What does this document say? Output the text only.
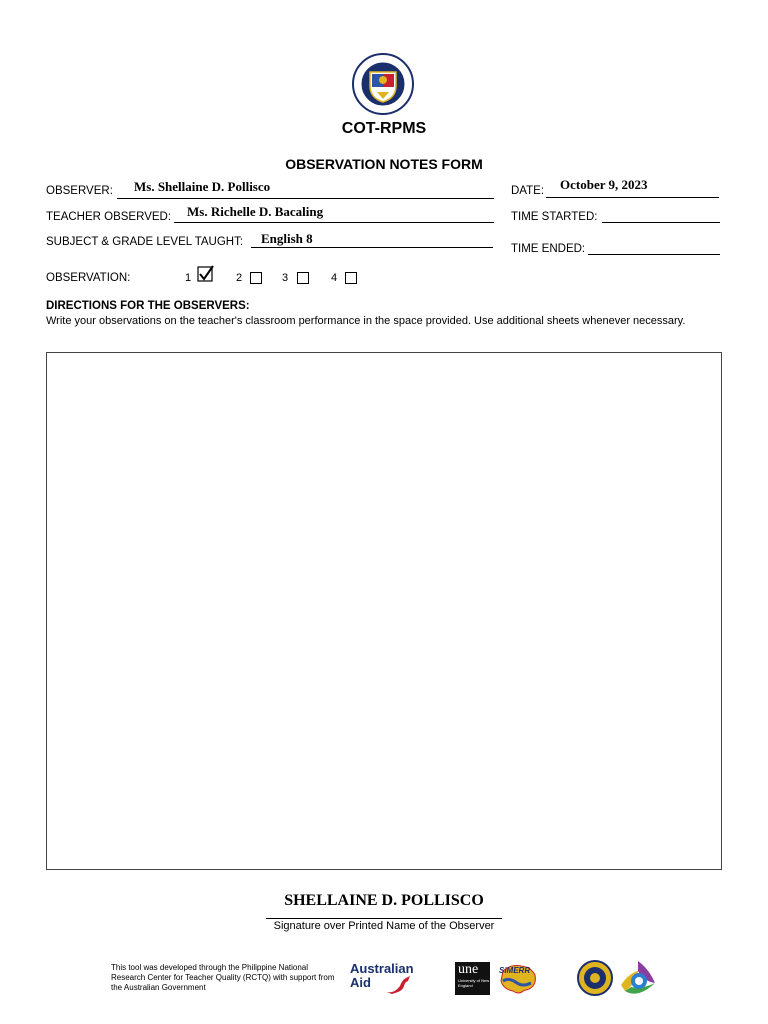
COT-RPMS
OBSERVATION NOTES FORM
OBSERVER: Ms. Shellaine D. Pollisco	DATE: October 9, 2023
TEACHER OBSERVED: Ms. Richelle D. Bacaling	TIME STARTED:
SUBJECT & GRADE LEVEL TAUGHT: English 8
TIME ENDED:
OBSERVATION:	1	2	3	4
DIRECTIONS FOR THE OBSERVERS:
Write your observations on the teacher's classroom performance in the space provided. Use additional sheets whenever necessary.
SHELLAINE D. POLLISCO
Signature over Printed Name of the Observer
This tool was developed through the Philippine National Research Center for Teacher Quality (RCTQ) with support from the Australian Government
Australian
Aid
une
University of New England
SiMERR
